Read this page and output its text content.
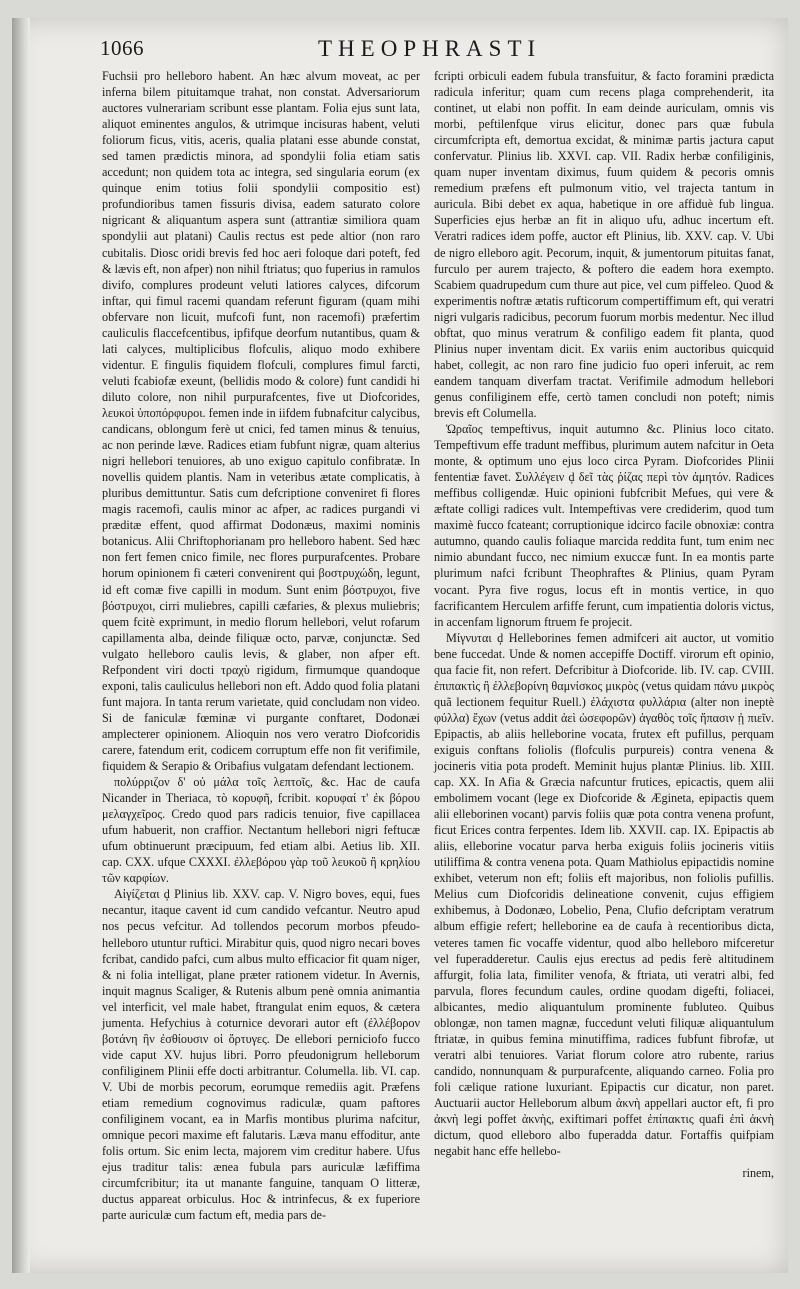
1066	THEOPHRASTI

Fuchsii pro helleboro habent. An hæc alvum moveat, ac per inferna bilem pituitamque trahat, non constat. Adversariorum auctores vulnerariam scribunt esse plantam. Folia ejus sunt lata, aliquot eminentes angulos, & utrimque incisuras habent, veluti foliorum ficus, vitis, aceris, qualia platani esse abunde constat, sed tamen prædictis minora, ad spondylii folia etiam satis accedunt; non quidem tota ac integra, sed singularia eorum (ex quinque enim totius folii spondylii compositio est) profundioribus tamen fissuris divisa, eadem saturato colore nigricant & aliquantum aspera sunt (attrantiæ similiora quam spondylii aut platani) Caulis rectus est pede altior (non raro cubitalis. Diosc oridi brevis fed hoc aeri foloque dari poteft, fed & lævis eft, non afper) non nihil ftriatus; quo fuperius in ramulos divifo, complures prodeunt veluti latiores calyces, difcorum inftar, qui fimul racemi quandam referunt figuram (quam mihi obfervare non licuit, mufcofi funt, non racemofi) præfertim cauliculis flaccefcentibus, ipfifque deorfum nutantibus, quam & lati calyces, multiplicibus flofculis, aliquo modo exhibere videntur. E fingulis fiquidem flofculi, complures fimul farcti, veluti fcabiofæ exeunt, (bellidis modo & colore) funt candidi hi diluto colore, non nihil purpurafcentes, five ut Diofcorides, λευκοὶ ὑποπόρφυροι. femen inde in iifdem fubnafcitur calycibus, candicans, oblongum ferè ut cnici, fed tamen minus & tenuius, ac non perinde læve. Radices etiam fubfunt nigræ, quam alterius nigri hellebori tenuiores, ab uno exiguo capitulo confibratæ. In novellis quidem plantis. Nam in veteribus ætate complicatis, à pluribus demittuntur. Satis cum defcriptione conveniret fi flores magis racemofi, caulis minor ac afper, ac radices purgandi vi præditæ effent, quod affirmat Dodonæus, maximi nominis botanicus. Alii Chriftophorianam pro helleboro habent. Sed hæc non fert femen cnico fimile, nec flores purpurafcentes. Probare horum opinionem fi cæteri convenirent qui βοστρυχώδη, legunt, id eft comæ five capilli in modum. Sunt enim βόστρυχοι, five βόστρυχοι, cirri muliebres, capilli cæfaries, & plexus muliebris; quem fcitè exprimunt, in medio florum hellebori, velut rofarum capillamenta alba, deinde filiquæ octo, parvæ, conjunctæ. Sed vulgato helleboro caulis levis, & glaber, non afper eft. Refpondent viri docti τραχὺ rigidum, firmumque quandoque exponi, talis cauliculus hellebori non eft. Addo quod folia platani funt majora. In tanta rerum varietate, quid concludam non video. Si de faniculæ fœminæ vi purgante conftaret, Dodonæi amplecterer opinionem. Alioquin nos vero veratro Diofcoridis carere, fatendum erit, codicem corruptum effe non fit verifimile, fiquidem & Serapio & Oribafius vulgatam defendant lectionem.

πολύρριζον δ' οὐ μάλα τοῖς λεπτοῖς, &c. Hac de caufa Nicander in Theriaca, τὸ κορυφῆ, fcribit. κορυφαί τ' ἐκ βόρου μελαγχεῖρος. Credo quod pars radicis tenuior, five capillacea ufum habuerit, non craffior. Nectantum hellebori nigri feftucæ ufum obtinuerunt præcipuum, fed etiam albi. Aetius lib. XII. cap. CXX. ufque CXXXI. ἐλλεβόρου γὰρ τοῦ λευκοῦ ἢ κρηλίου τῶν καρφίων.

Αἰγίζεται ḑ Plinius lib. XXV. cap. V. Nigro boves, equi, fues necantur, itaque cavent id cum candido vefcantur. Neutro apud nos pecus vefcitur. Ad tollendos pecorum morbos pfeudo-helleboro utuntur ruftici. Mirabitur quis, quod nigro necari boves fcribat, candido pafci, cum albus multo efficacior fit quam niger, & ni folia intelligat, plane præter rationem videtur. In Avernis, inquit magnus Scaliger, & Rutenis album penè omnia animantia vel interficit, vel male habet, ftrangulat enim equos, & cætera jumenta. Hefychius à coturnice devorari autor eft (ἐλλέβορον βοτάνη ἣν ἐσθίουσιν οἱ ὄρτυγες. De ellebori perniciofo fucco vide caput XV. hujus libri. Porro pfeudonigrum helleborum confiliginem Plinii effe docti arbitrantur. Columella. lib. VI. cap. V. Ubi de morbis pecorum, eorumque remediis agit. Præfens etiam remedium cognovimus radiculæ, quam paftores confiliginem vocant, ea in Marfis montibus plurima nafcitur, omnique pecori maxime eft falutaris. Læva manu effoditur, ante folis ortum. Sic enim lecta, majorem vim creditur habere. Ufus ejus traditur talis: ænea fubula pars auriculæ læfiffima circumfcribitur; ita ut manante fanguine, tanquam O litteræ, ductus appareat orbiculus. Hoc & intrinfecus, & ex fuperiore parte auriculæ cum factum eft, media pars de-

fcripti orbiculi eadem fubula transfuitur, & facto foramini prædicta radicula inferitur; quam cum recens plaga comprehenderit, ita continet, ut elabi non poffit. In eam deinde auriculam, omnis vis morbi, peftilenfque virus elicitur, donec pars quæ fubula circumfcripta eft, demortua excidat, & minimæ partis jactura caput confervatur. Plinius lib. XXVI. cap. VII. Radix herbæ confiliginis, quam nuper inventam diximus, fuum quidem & pecoris omnis remedium præfens eft pulmonum vitio, vel trajecta tantum in auricula. Bibi debet ex aqua, habetique in ore affiduè fub lingua. Superficies ejus herbæ an fit in aliquo ufu, adhuc incertum eft. Veratri radices idem poffe, auctor eft Plinius, lib. XXV. cap. V. Ubi de nigro elleboro agit. Pecorum, inquit, & jumentorum pituitas fanat, furculo per aurem trajecto, & poftero die eadem hora exempto. Scabiem quadrupedum cum thure aut pice, vel cum piffeleo. Quod & experimentis noftræ ætatis rufticorum compertiffimum eft, qui veratri nigri vulgaris radicibus, pecorum fuorum morbis medentur. Nec illud obftat, quo minus veratrum & confiligo eadem fit planta, quod Plinius nuper inventam dicit. Ex variis enim auctoribus quicquid habet, collegit, ac non raro fine judicio fuo operi inferuit, ac rem eandem tanquam diverfam tractat. Verifimile admodum hellebori genus confiliginem effe, certò tamen concludi non poteft; nimis brevis eft Columella.

Ὡραῖος tempeftivus, inquit autumno &c. Plinius loco citato. Tempeftivum effe tradunt meffibus, plurimum autem nafcitur in Oeta monte, & optimum uno ejus loco circa Pyram. Diofcorides Plinii fententiæ favet. Συλλέγειν ḑ δεῖ τὰς ῥίζας περὶ τὸν ἀμητόν. Radices meffibus colligendæ. Huic opinioni fubfcribit Mefues, qui vere & æftate colligi radices vult. Intempeftivas vere crediderim, quod tum maximè fucco fcateant; corruptionique idcirco facile obnoxiæ: contra autumno, quando caulis foliaque marcida reddita funt, tum enim nec nimio abundant fucco, nec nimium exuccæ funt. In ea montis parte plurimum nafci fcribunt Theophraftes & Plinius, quam Pyram vocant. Pyra five rogus, locus eft in montis vertice, in quo facrificantem Herculem arfiffe ferunt, cum impatientia doloris victus, in accenfam lignorum ftruem fe projecit.

Μίγνυται ḑ Helleborines femen admifceri ait auctor, ut vomitio bene fuccedat. Unde & nomen accepiffe Doctiff. virorum eft opinio, qua facie fit, non refert. Defcribitur à Diofcoride. lib. IV. cap. CVIII. ἐπιπακτὶς ἢ ἐλλεβορίνη θαμνίσκος μικρὸς (vetus quidam πάνυ μικρὸς quã lectionem fequitur Ruell.) ἐλάχιστα φυλλάρια (alter non ineptè φύλλα) ἔχων (vetus addit ἀεὶ ὡσεφορῶν) ἀγαθὸς τοῖς ἥπασιν ᾐ πιεῖν. Epipactis, ab aliis helleborine vocata, frutex eft pufillus, perquam exiguis conftans foliolis (flofculis purpureis) contra venena & jocineris vitia pota prodeft. Meminit hujus plantæ Plinius. lib. XIII. cap. XX. In Afia & Græcia nafcuntur frutices, epicactis, quem alii embolimem vocant (lege ex Diofcoride & Ægineta, epipactis quem alii elleborinen vocant) parvis foliis quæ pota contra venena profunt, ficut Erices contra ferpentes. Idem lib. XXVII. cap. IX. Epipactis ab aliis, elleborine vocatur parva herba exiguis foliis jocineris vitiis utiliffima & contra venena pota. Quam Mathiolus epipactidis nomine exhibet, veterum non eft; foliis eft majoribus, non foliolis pufillis. Melius cum Diofcoridis delineatione convenit, cujus effigiem exhibemus, à Dodonæo, Lobelio, Pena, Clufio defcriptam veratrum album effigie refert; helleborine ea de caufa à recentioribus dicta, veteres tamen fic vocaffe videntur, quod albo helleboro mifceretur vel fuperadderetur. Caulis ejus erectus ad pedis ferè altitudinem affurgit, folia lata, fimiliter venofa, & ftriata, uti veratri albi, fed parvula, flores fecundum caules, ordine quodam digefti, foliacei, albicantes, medio aliquantulum prominente fubluteo. Quibus oblongæ, non tamen magnæ, fuccedunt veluti filiquæ aliquantulum ftriatæ, in quibus femina minutiffima, radices fubfunt fibrofæ, ut veratri albi tenuiores. Variat florum colore atro rubente, rarius candido, nonnunquam & purpurafcente, aliquando carneo. Folia pro foli cælique ratione luxuriant. Epipactis cur dicatur, non paret. Auctuarii auctor Helleborum album ἀκνὴ appellari auctor eft, fi pro ἀκνὴ legi poffet ἀκνὴς, exiftimari poffet ἐπίπακτις quafi ἐπὶ ἀκνὴ dictum, quod elleboro albo fuperadda datur. Fortaffis quifpiam negabit hanc effe hellebo-

rinem,
